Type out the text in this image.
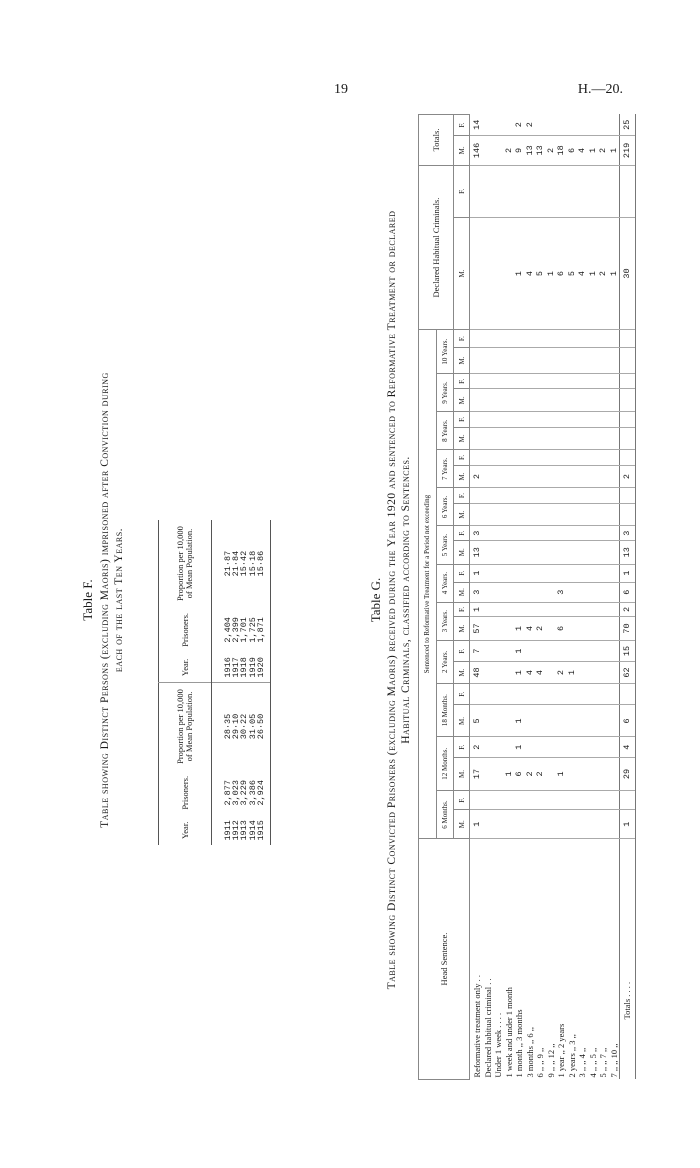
19	H.—20.
Table F. Table showing Distinct Persons (excluding Maoris) imprisoned after Conviction during each of the last Ten Years.
Year.	Prisoners.	Proportion per 10,000
of Mean Population.	Year.	Prisoners.	Proportion per 10,000
of Mean Population.
1911	2,877	28·35	1916	2,404	21·87
1912	3,023	29·10	1917	2,399	21·84
1913	3,229	30·22	1918	1,701	15·42
1914	3,386	31·05	1919	1,725	15·18
1915	2,924	26·50	1920	1,871	15·86
Table G. Table showing Distinct Convicted Prisoners (excluding Maoris) received during the Year 1920 and sentenced to Reformative Treatment or declared Habitual Criminals, classified according to Sentences.
Head Sentence.	Sentenced to Reformative Treatment for a Period not exceeding																								Declared Habitual Criminals.		Totals.	
	6 Months.		12 Months.		18 Months.		2 Years.		3 Years.		4 Years.		5 Years.		6 Years.		7 Years.		8 Years.		9 Years.		10 Years.					
	M.	F.	M.	F.	M.	F.	M.	F.	M.	F.	M.	F.	M.	F.	M.	F.	M.	F.	M.	F.	M.	F.	M.	F.	M.	F.	M.	F.
Reformative treatment only . .	1		17	2	5		48	7	57	1	3	1	13	3			2										146	14
Declared habitual criminal . .																												
Under 1 week . . . .																												
1 week and under 1 month			1																								2	
1 month ,, 3 months			6	1	1		1	1	1																1		9	2
3 months ,, 6 ,,			2				4		4																4		13	2
6 ,, ,, 9 ,,			2				4		2																5		13	
9 ,, ,, 12 ,,																									1		2	
1 year ,, 2 years			1				2		6		3														6		18	
2 years ,, 3 ,,							1																		5		6	
3 ,, ,, 4 ,,																									4		4	
4 ,, ,, 5 ,,																									1		1	
5 ,, ,, 7 ,,																									2		2	
7 ,, ,, 10 ,,																									1		1	
Totals . . . .	1		29	4	6		62	15	70	2	6	1	13	3			2								30		219	25
